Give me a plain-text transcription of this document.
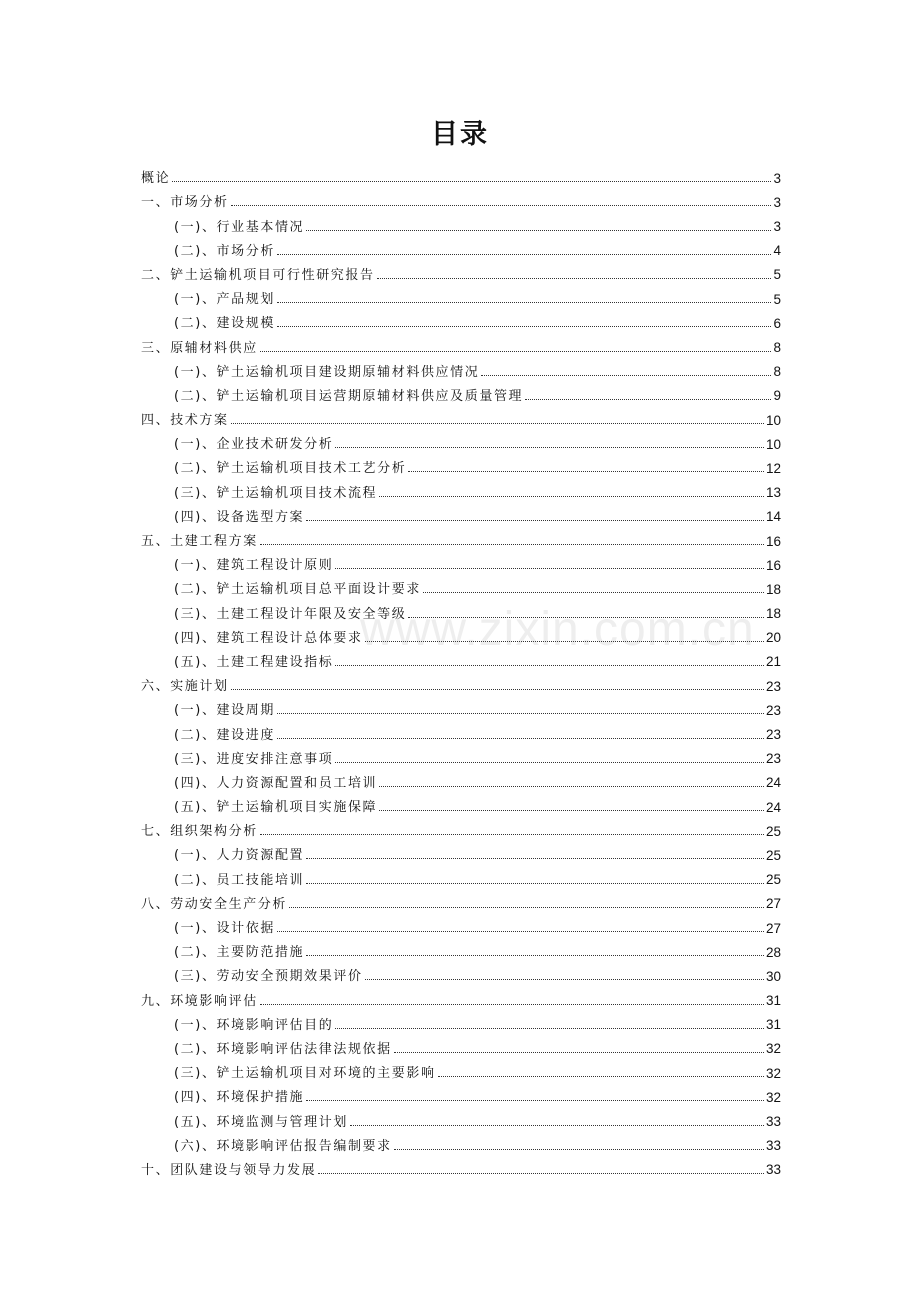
目录
概论	3
一、市场分析	3
(一)、行业基本情况	3
(二)、市场分析	4
二、铲土运输机项目可行性研究报告	5
(一)、产品规划	5
(二)、建设规模	6
三、原辅材料供应	8
(一)、铲土运输机项目建设期原辅材料供应情况	8
(二)、铲土运输机项目运营期原辅材料供应及质量管理	9
四、技术方案	10
(一)、企业技术研发分析	10
(二)、铲土运输机项目技术工艺分析	12
(三)、铲土运输机项目技术流程	13
(四)、设备选型方案	14
五、土建工程方案	16
(一)、建筑工程设计原则	16
(二)、铲土运输机项目总平面设计要求	18
(三)、土建工程设计年限及安全等级	18
(四)、建筑工程设计总体要求	20
(五)、土建工程建设指标	21
六、实施计划	23
(一)、建设周期	23
(二)、建设进度	23
(三)、进度安排注意事项	23
(四)、人力资源配置和员工培训	24
(五)、铲土运输机项目实施保障	24
七、组织架构分析	25
(一)、人力资源配置	25
(二)、员工技能培训	25
八、劳动安全生产分析	27
(一)、设计依据	27
(二)、主要防范措施	28
(三)、劳动安全预期效果评价	30
九、环境影响评估	31
(一)、环境影响评估目的	31
(二)、环境影响评估法律法规依据	32
(三)、铲土运输机项目对环境的主要影响	32
(四)、环境保护措施	32
(五)、环境监测与管理计划	33
(六)、环境影响评估报告编制要求	33
十、团队建设与领导力发展	33
www.zixin.com.cn
